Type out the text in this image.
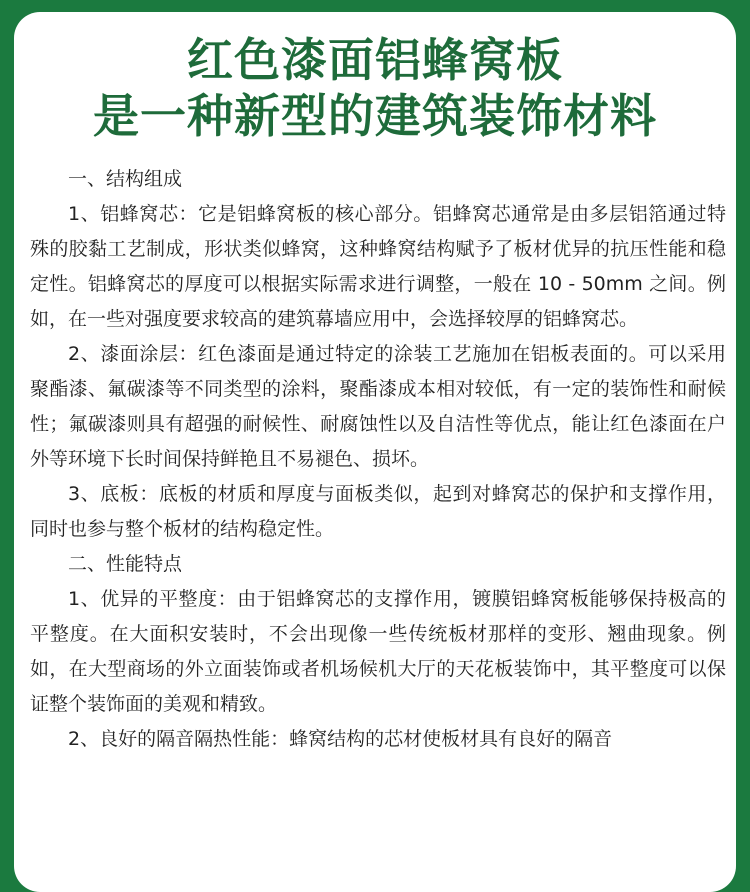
红色漆面铝蜂窝板
是一种新型的建筑装饰材料

一、结构组成

1、铝蜂窝芯：它是铝蜂窝板的核心部分。铝蜂窝芯通常是由多层铝箔通过特殊的胶黏工艺制成，形状类似蜂窝，这种蜂窝结构赋予了板材优异的抗压性能和稳定性。铝蜂窝芯的厚度可以根据实际需求进行调整，一般在 10 - 50mm 之间。例如，在一些对强度要求较高的建筑幕墙应用中，会选择较厚的铝蜂窝芯。

2、漆面涂层：红色漆面是通过特定的涂装工艺施加在铝板表面的。可以采用聚酯漆、氟碳漆等不同类型的涂料，聚酯漆成本相对较低，有一定的装饰性和耐候性；氟碳漆则具有超强的耐候性、耐腐蚀性以及自洁性等优点，能让红色漆面在户外等环境下长时间保持鲜艳且不易褪色、损坏。

3、底板：底板的材质和厚度与面板类似，起到对蜂窝芯的保护和支撑作用，同时也参与整个板材的结构稳定性。

二、性能特点

1、优异的平整度：由于铝蜂窝芯的支撑作用，镀膜铝蜂窝板能够保持极高的平整度。在大面积安装时，不会出现像一些传统板材那样的变形、翘曲现象。例如，在大型商场的外立面装饰或者机场候机大厅的天花板装饰中，其平整度可以保证整个装饰面的美观和精致。

2、良好的隔音隔热性能：蜂窝结构的芯材使板材具有良好的隔音
